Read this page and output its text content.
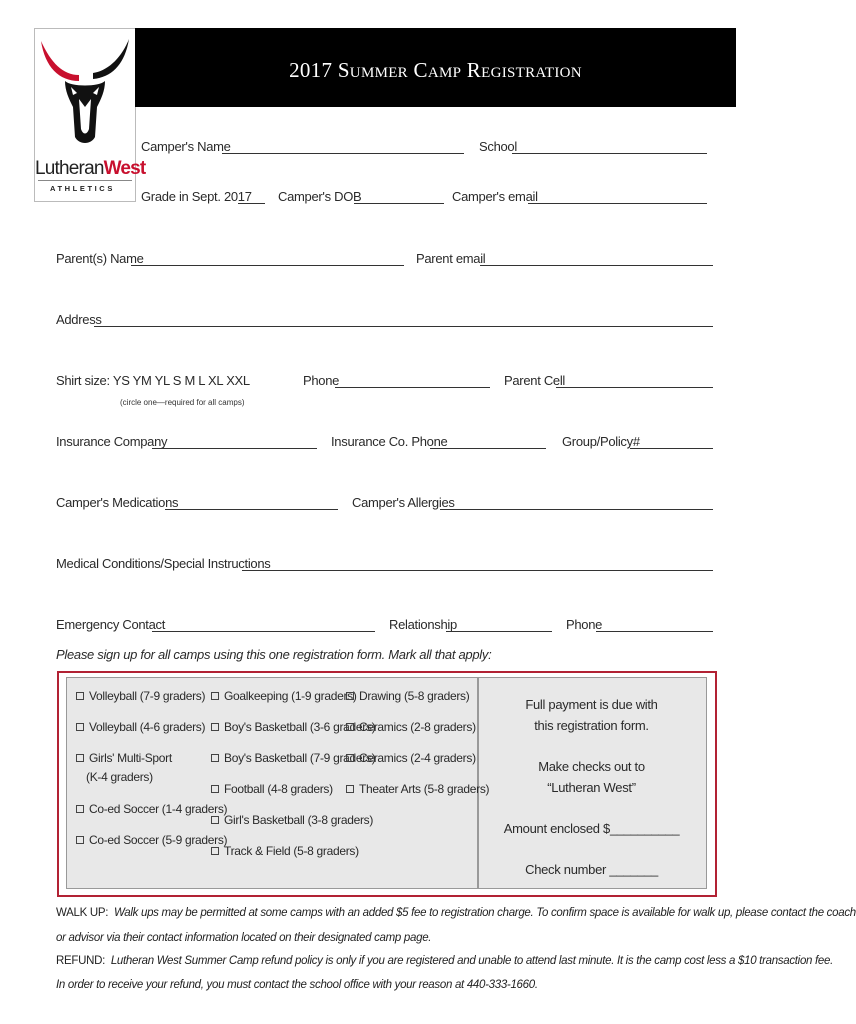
LutheranWest
ATHLETICS
2017 Summer Camp Registration
Camper's Name	School
Grade in Sept. 2017 Camper's DOB	Camper's email
Parent(s) Name	Parent email
Address
Shirt size: YS YM YL S M L XL XXL
(circle one—required for all camps)
Phone	Parent Cell
Insurance Company	Insurance Co. Phone	Group/Policy#
Camper's Medications	Camper's Allergies
Medical Conditions/Special Instructions
Emergency Contact	Relationship	Phone
Please sign up for all camps using this one registration form. Mark all that apply:
Volleyball (7-9 graders)
Volleyball (4-6 graders)
Girls' Multi-Sport
(K-4 graders)
Co-ed Soccer (1-4 graders)
Co-ed Soccer (5-9 graders)
Goalkeeping (1-9 graders)
Boy's Basketball (3-6 graders)
Boy's Basketball (7-9 graders)
Football (4-8 graders)
Girl's Basketball (3-8 graders)
Track & Field (5-8 graders)
Drawing (5-8 graders)
Ceramics (2-8 graders)
Ceramics (2-4 graders)
Theater Arts (5-8 graders)
Full payment is due with
this registration form.
Make checks out to
“Lutheran West”
Amount enclosed $__________
Check number _______
WALK UP: Walk ups may be permitted at some camps with an added $5 fee to registration charge. To confirm space is available for walk up, please contact the coach
or advisor via their contact information located on their designated camp page.
REFUND: Lutheran West Summer Camp refund policy is only if you are registered and unable to attend last minute. It is the camp cost less a $10 transaction fee.
In order to receive your refund, you must contact the school office with your reason at 440-333-1660.
